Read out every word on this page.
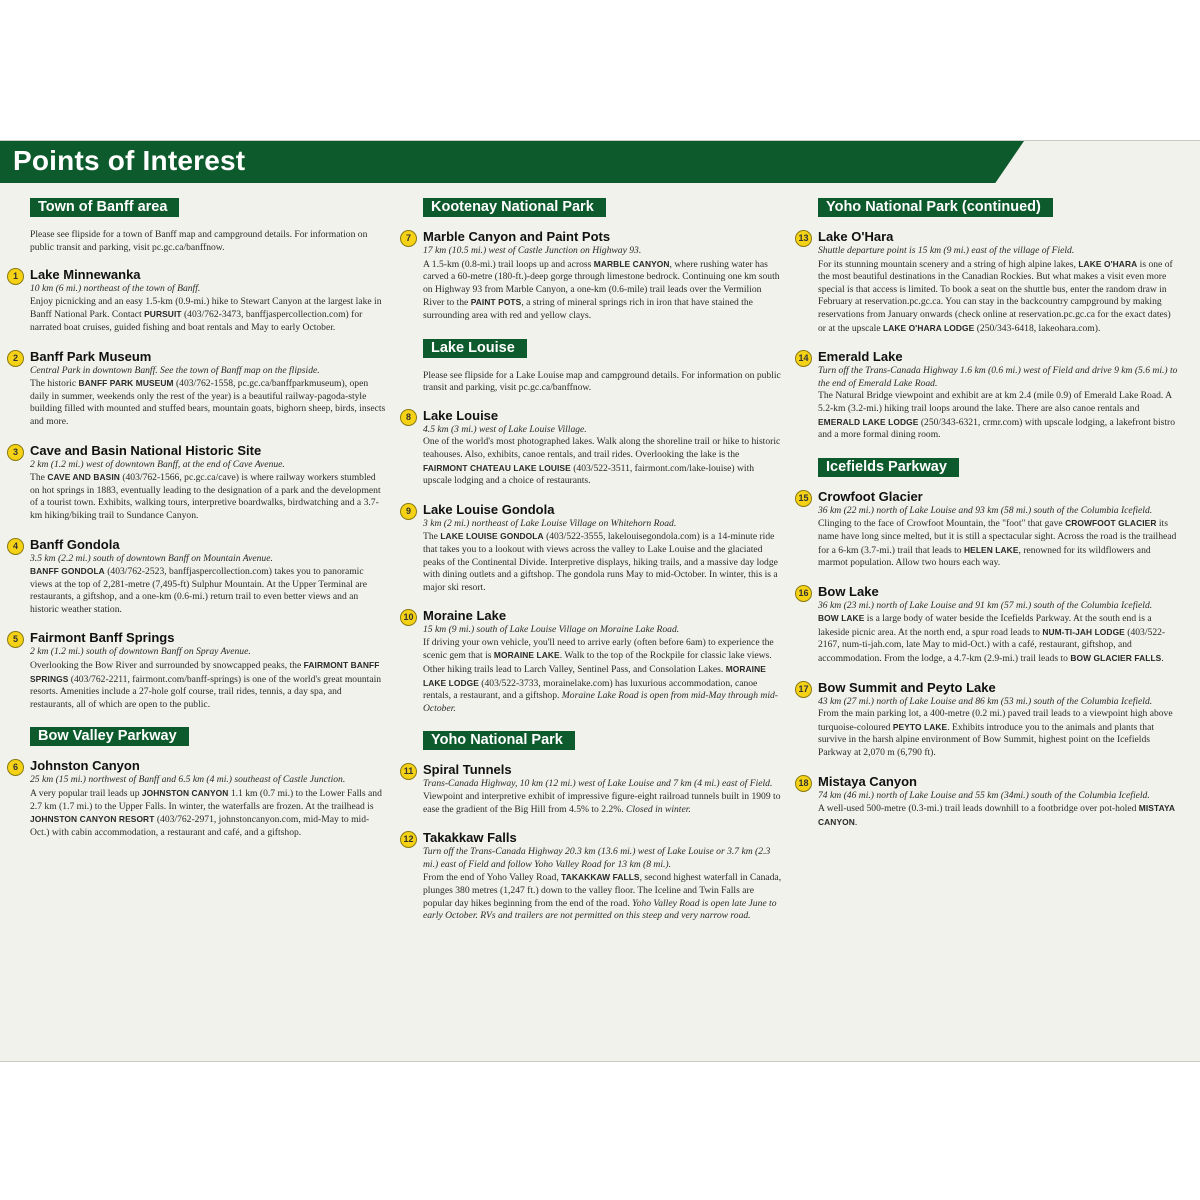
Points of Interest
Town of Banff area

Please see flipside for a town of Banff map and campground details. For information on public transit and parking, visit pc.gc.ca/banffnow.

1 Lake Minnewanka

10 km (6 mi.) northeast of the town of Banff.

Enjoy picnicking and an easy 1.5-km (0.9-mi.) hike to Stewart Canyon at the largest lake in Banff National Park. Contact PURSUIT (403/762-3473, banffjaspercollection.com) for narrated boat cruises, guided fishing and boat rentals and May to early October.

2 Banff Park Museum

Central Park in downtown Banff. See the town of Banff map on the flipside.

The historic BANFF PARK MUSEUM (403/762-1558, pc.gc.ca/banffparkmuseum), open daily in summer, weekends only the rest of the year) is a beautiful railway-pagoda-style building filled with mounted and stuffed bears, mountain goats, bighorn sheep, birds, insects and more.

3 Cave and Basin National Historic Site

2 km (1.2 mi.) west of downtown Banff, at the end of Cave Avenue.

The CAVE AND BASIN (403/762-1566, pc.gc.ca/cave) is where railway workers stumbled on hot springs in 1883, eventually leading to the designation of a park and the development of a tourist town. Exhibits, walking tours, interpretive boardwalks, birdwatching and a 3.7-km hiking/biking trail to Sundance Canyon.

4 Banff Gondola

3.5 km (2.2 mi.) south of downtown Banff on Mountain Avenue.

BANFF GONDOLA (403/762-2523, banffjaspercollection.com) takes you to panoramic views at the top of 2,281-metre (7,495-ft) Sulphur Mountain. At the Upper Terminal are restaurants, a giftshop, and a one-km (0.6-mi.) return trail to even better views and an historic weather station.

5 Fairmont Banff Springs

2 km (1.2 mi.) south of downtown Banff on Spray Avenue.

Overlooking the Bow River and surrounded by snowcapped peaks, the FAIRMONT BANFF SPRINGS (403/762-2211, fairmont.com/banff-springs) is one of the world's great mountain resorts. Amenities include a 27-hole golf course, trail rides, tennis, a day spa, and restaurants, all of which are open to the public.

Bow Valley Parkway
6 Johnston Canyon

25 km (15 mi.) northwest of Banff and 6.5 km (4 mi.) southeast of Castle Junction.

A very popular trail leads up JOHNSTON CANYON 1.1 km (0.7 mi.) to the Lower Falls and 2.7 km (1.7 mi.) to the Upper Falls. In winter, the waterfalls are frozen. At the trailhead is JOHNSTON CANYON RESORT (403/762-2971, johnstoncanyon.com, mid-May to mid-Oct.) with cabin accommodation, a restaurant and café, and a giftshop.

Kootenay National Park
7 Marble Canyon and Paint Pots

17 km (10.5 mi.) west of Castle Junction on Highway 93.

A 1.5-km (0.8-mi.) trail loops up and across MARBLE CANYON, where rushing water has carved a 60-metre (180-ft.)-deep gorge through limestone bedrock. Continuing one km south on Highway 93 from Marble Canyon, a one-km (0.6-mile) trail leads over the Vermilion River to the PAINT POTS, a string of mineral springs rich in iron that have stained the surrounding area with red and yellow clays.

Lake Louise

Please see flipside for a Lake Louise map and campground details. For information on public transit and parking, visit pc.gc.ca/banffnow.

8 Lake Louise

4.5 km (3 mi.) west of Lake Louise Village.

One of the world's most photographed lakes. Walk along the shoreline trail or hike to historic teahouses. Also, exhibits, canoe rentals, and trail rides. Overlooking the lake is the FAIRMONT CHATEAU LAKE LOUISE (403/522-3511, fairmont.com/lake-louise) with upscale lodging and a choice of restaurants.

9 Lake Louise Gondola

3 km (2 mi.) northeast of Lake Louise Village on Whitehorn Road.

The LAKE LOUISE GONDOLA (403/522-3555, lakelouisegondola.com) is a 14-minute ride that takes you to a lookout with views across the valley to Lake Louise and the glaciated peaks of the Continental Divide. Interpretive displays, hiking trails, and a massive day lodge with dining outlets and a giftshop. The gondola runs May to mid-October. In winter, this is a major ski resort.

10 Moraine Lake

15 km (9 mi.) south of Lake Louise Village on Moraine Lake Road.

If driving your own vehicle, you'll need to arrive early (often before 6am) to experience the scenic gem that is MORAINE LAKE. Walk to the top of the Rockpile for classic lake views. Other hiking trails lead to Larch Valley, Sentinel Pass, and Consolation Lakes. MORAINE LAKE LODGE (403/522-3733, morainelake.com) has luxurious accommodation, canoe rentals, a restaurant, and a giftshop. Moraine Lake Road is open from mid-May through mid-October.

Yoho National Park
11 Spiral Tunnels

Trans-Canada Highway, 10 km (12 mi.) west of Lake Louise and 7 km (4 mi.) east of Field.

Viewpoint and interpretive exhibit of impressive figure-eight railroad tunnels built in 1909 to ease the gradient of the Big Hill from 4.5% to 2.2%. Closed in winter.

12 Takakkaw Falls

Turn off the Trans-Canada Highway 20.3 km (13.6 mi.) west of Lake Louise or 3.7 km (2.3 mi.) east of Field and follow Yoho Valley Road for 13 km (8 mi.).

From the end of Yoho Valley Road, TAKAKKAW FALLS, second highest waterfall in Canada, plunges 380 metres (1,247 ft.) down to the valley floor. The Iceline and Twin Falls are popular day hikes beginning from the end of the road. Yoho Valley Road is open late June to early October. RVs and trailers are not permitted on this steep and very narrow road.

Yoho National Park (continued)
13 Lake O'Hara

Shuttle departure point is 15 km (9 mi.) east of the village of Field.

For its stunning mountain scenery and a string of high alpine lakes, LAKE O'HARA is one of the most beautiful destinations in the Canadian Rockies. But what makes a visit even more special is that access is limited. To book a seat on the shuttle bus, enter the random draw in February at reservation.pc.gc.ca. You can stay in the backcountry campground by making reservations from January onwards (check online at reservation.pc.gc.ca for the exact dates) or at the upscale LAKE O'HARA LODGE (250/343-6418, lakeohara.com).

14 Emerald Lake

Turn off the Trans-Canada Highway 1.6 km (0.6 mi.) west of Field and drive 9 km (5.6 mi.) to the end of Emerald Lake Road.

The Natural Bridge viewpoint and exhibit are at km 2.4 (mile 0.9) of Emerald Lake Road. A 5.2-km (3.2-mi.) hiking trail loops around the lake. There are also canoe rentals and EMERALD LAKE LODGE (250/343-6321, crmr.com) with upscale lodging, a lakefront bistro and a more formal dining room.

Icefields Parkway
15 Crowfoot Glacier

36 km (22 mi.) north of Lake Louise and 93 km (58 mi.) south of the Columbia Icefield.

Clinging to the face of Crowfoot Mountain, the "foot" that gave CROWFOOT GLACIER its name have long since melted, but it is still a spectacular sight. Across the road is the trailhead for a 6-km (3.7-mi.) trail that leads to HELEN LAKE, renowned for its wildflowers and marmot population. Allow two hours each way.

16 Bow Lake

36 km (23 mi.) north of Lake Louise and 91 km (57 mi.) south of the Columbia Icefield.

BOW LAKE is a large body of water beside the Icefields Parkway. At the south end is a lakeside picnic area. At the north end, a spur road leads to NUM-TI-JAH LODGE (403/522-2167, num-ti-jah.com, late May to mid-Oct.) with a café, restaurant, giftshop, and accommodation. From the lodge, a 4.7-km (2.9-mi.) trail leads to BOW GLACIER FALLS.

17 Bow Summit and Peyto Lake

43 km (27 mi.) north of Lake Louise and 86 km (53 mi.) south of the Columbia Icefield.

From the main parking lot, a 400-metre (0.2 mi.) paved trail leads to a viewpoint high above turquoise-coloured PEYTO LAKE. Exhibits introduce you to the animals and plants that survive in the harsh alpine environment of Bow Summit, highest point on the Icefields Parkway at 2,070 m (6,790 ft).

18 Mistaya Canyon

74 km (46 mi.) north of Lake Louise and 55 km (34mi.) south of the Columbia Icefield.

A well-used 500-metre (0.3-mi.) trail leads downhill to a footbridge over pot-holed MISTAYA CANYON.
